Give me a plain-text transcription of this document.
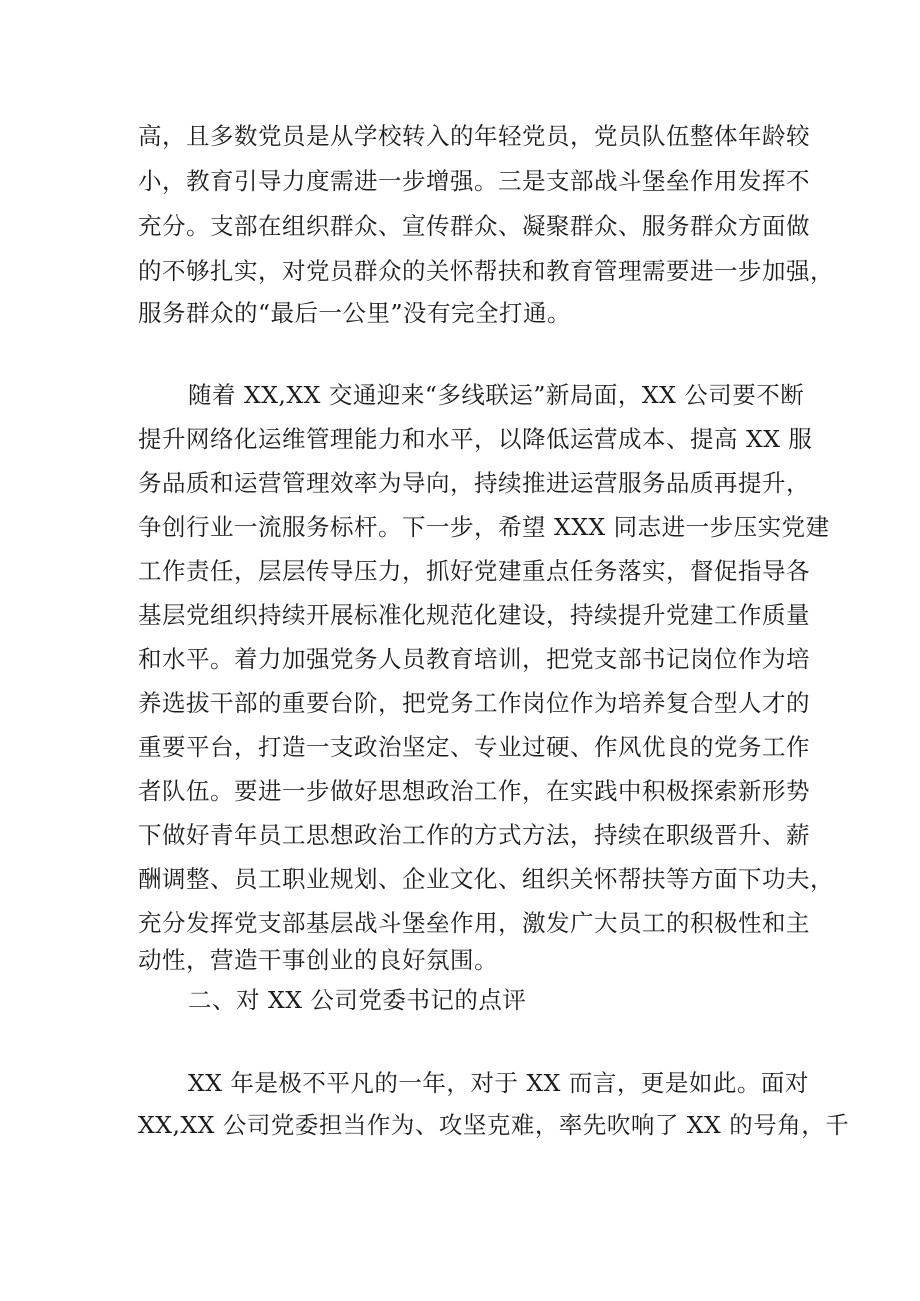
高，且多数党员是从学校转入的年轻党员，党员队伍整体年龄较
小，教育引导力度需进一步增强。三是支部战斗堡垒作用发挥不
充分。支部在组织群众、宣传群众、凝聚群众、服务群众方面做
的不够扎实，对党员群众的关怀帮扶和教育管理需要进一步加强，
服务群众的“最后一公里”没有完全打通。
随着 XX,XX 交通迎来“多线联运”新局面，XX 公司要不断
提升网络化运维管理能力和水平，以降低运营成本、提高 XX 服
务品质和运营管理效率为导向，持续推进运营服务品质再提升，
争创行业一流服务标杆。下一步，希望 XXX 同志进一步压实党建
工作责任，层层传导压力，抓好党建重点任务落实，督促指导各
基层党组织持续开展标准化规范化建设，持续提升党建工作质量
和水平。着力加强党务人员教育培训，把党支部书记岗位作为培
养选拔干部的重要台阶，把党务工作岗位作为培养复合型人才的
重要平台，打造一支政治坚定、专业过硬、作风优良的党务工作
者队伍。要进一步做好思想政治工作，在实践中积极探索新形势
下做好青年员工思想政治工作的方式方法，持续在职级晋升、薪
酬调整、员工职业规划、企业文化、组织关怀帮扶等方面下功夫，
充分发挥党支部基层战斗堡垒作用，激发广大员工的积极性和主
动性，营造干事创业的良好氛围。
二、对 XX 公司党委书记的点评
XX 年是极不平凡的一年，对于 XX 而言，更是如此。面对
XX,XX 公司党委担当作为、攻坚克难，率先吹响了 XX 的号角，千
